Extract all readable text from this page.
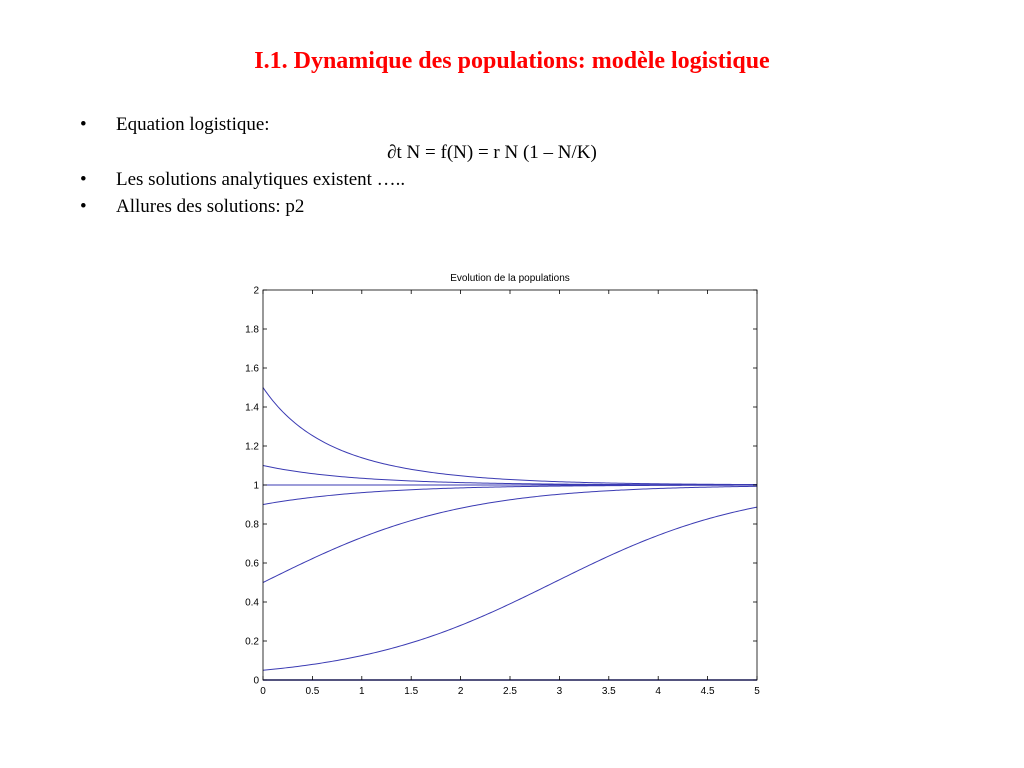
I.1. Dynamique des populations: modèle logistique
• Equation logistique:
∂t N = f(N) = r N (1 – N/K)
• Les solutions analytiques existent …..
• Allures des solutions: p2
Evolution de la populations
0	0.5	1	1.5	2	2.5	3	3.5	4	4.5	5
0
0.2
0.4
0.6
0.8
1
1.2
1.4
1.6
1.8
2
